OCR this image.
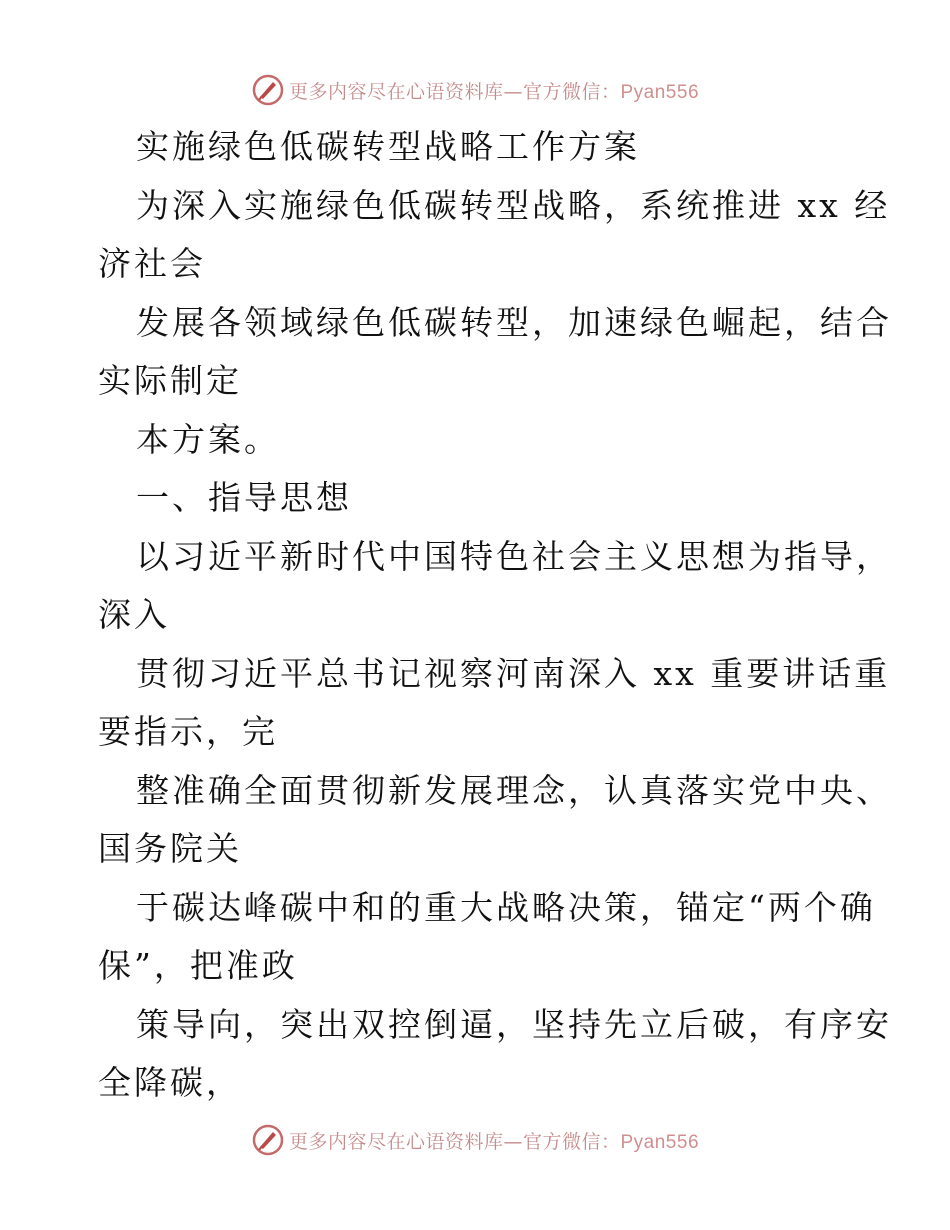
更多内容尽在心语资料库—官方微信：Pyan556
实施绿色低碳转型战略工作方案
为深入实施绿色低碳转型战略，系统推进 xx 经
济社会
发展各领域绿色低碳转型，加速绿色崛起，结合
实际制定
本方案。
一、指导思想
以习近平新时代中国特色社会主义思想为指导，
深入
贯彻习近平总书记视察河南深入 xx 重要讲话重
要指示，完
整准确全面贯彻新发展理念，认真落实党中央、
国务院关
于碳达峰碳中和的重大战略决策，锚定“两个确
保”，把准政
策导向，突出双控倒逼，坚持先立后破，有序安
全降碳，
更多内容尽在心语资料库—官方微信：Pyan556
